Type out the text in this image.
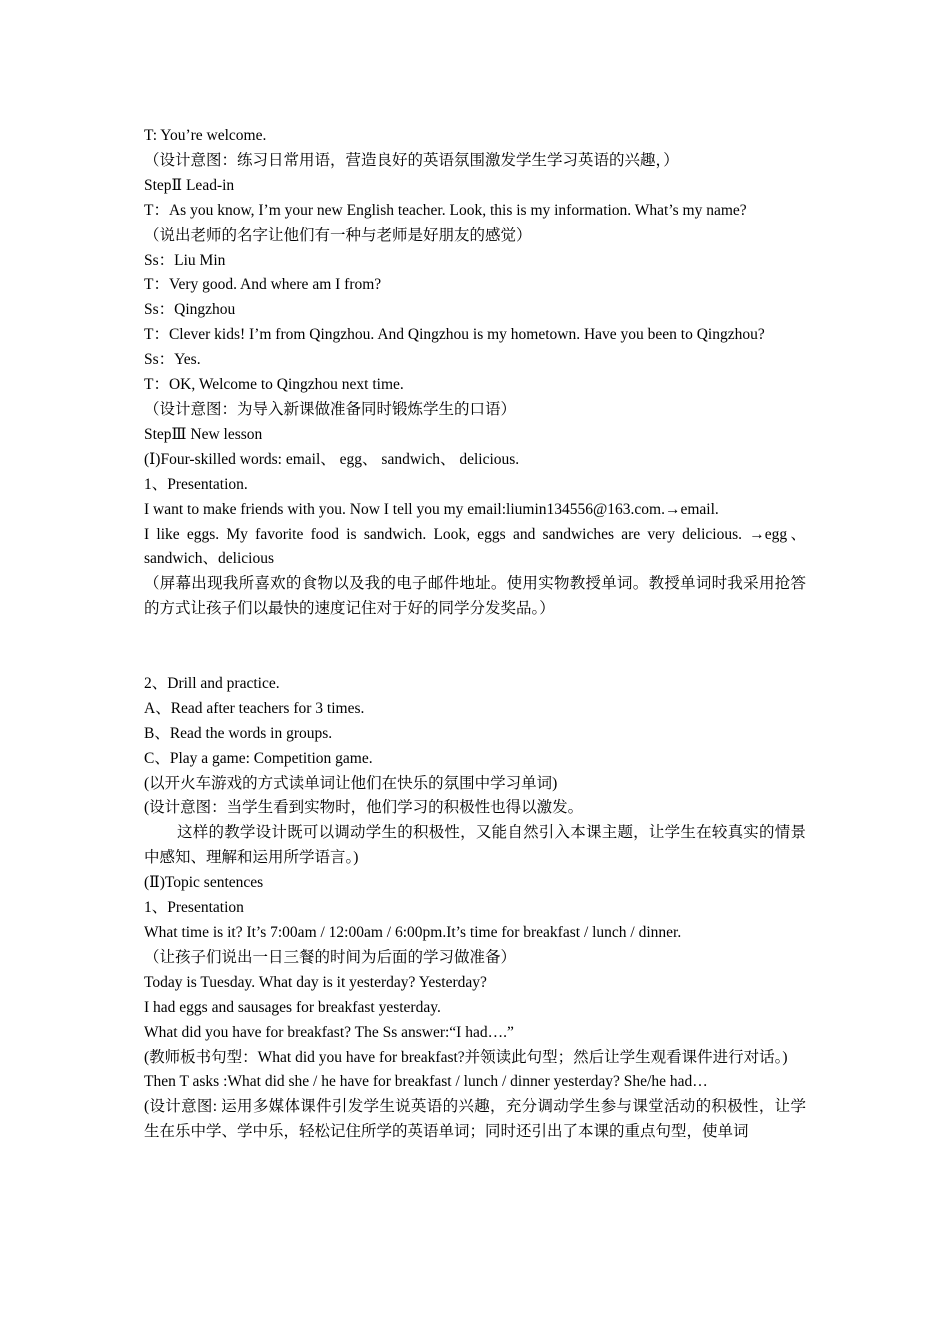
T: You’re welcome.

（设计意图：练习日常用语，营造良好的英语氛围激发学生学习英语的兴趣，）

StepⅡ Lead-in

T：As you know, I’m your new English teacher. Look, this is my information. What’s my name?

（说出老师的名字让他们有一种与老师是好朋友的感觉）

Ss：Liu Min

T：Very good. And where am I from?

Ss：Qingzhou

T：Clever kids! I’m from Qingzhou. And Qingzhou is my hometown. Have you been to Qingzhou?

Ss：Yes.

T：OK, Welcome to Qingzhou next time.

（设计意图：为导入新课做准备同时锻炼学生的口语）

StepⅢ New lesson

(Ⅰ)Four-skilled words: email、 egg、 sandwich、 delicious.

1、Presentation.

I want to make friends with you. Now I tell you my email:liumin134556@163.com.→email.

I like eggs. My favorite food is sandwich. Look, eggs and sandwiches are very delicious. →egg、sandwich、delicious

（屏幕出现我所喜欢的食物以及我的电子邮件地址。使用实物教授单词。教授单词时我采用抢答的方式让孩子们以最快的速度记住对于好的同学分发奖品。）

2、Drill and practice.

A、Read after teachers for 3 times.

B、Read the words in groups.

C、Play a game: Competition game.

(以开火车游戏的方式读单词让他们在快乐的氛围中学习单词)

(设计意图：当学生看到实物时，他们学习的积极性也得以激发。

这样的教学设计既可以调动学生的积极性，又能自然引入本课主题，让学生在较真实的情景中感知、理解和运用所学语言。)

(Ⅱ)Topic sentences

1、Presentation

What time is it? It’s 7:00am / 12:00am / 6:00pm.It’s time for breakfast / lunch / dinner.

（让孩子们说出一日三餐的时间为后面的学习做准备）

Today is Tuesday. What day is it yesterday? Yesterday?

I had eggs and sausages for breakfast yesterday.

What did you have for breakfast? The Ss answer:“I had….”

(教师板书句型：What did you have for breakfast?并领读此句型；然后让学生观看课件进行对话。)

Then T asks :What did she / he have for breakfast / lunch / dinner yesterday? She/he had…

(设计意图: 运用多媒体课件引发学生说英语的兴趣，充分调动学生参与课堂活动的积极性，让学生在乐中学、学中乐，轻松记住所学的英语单词；同时还引出了本课的重点句型，使单词
